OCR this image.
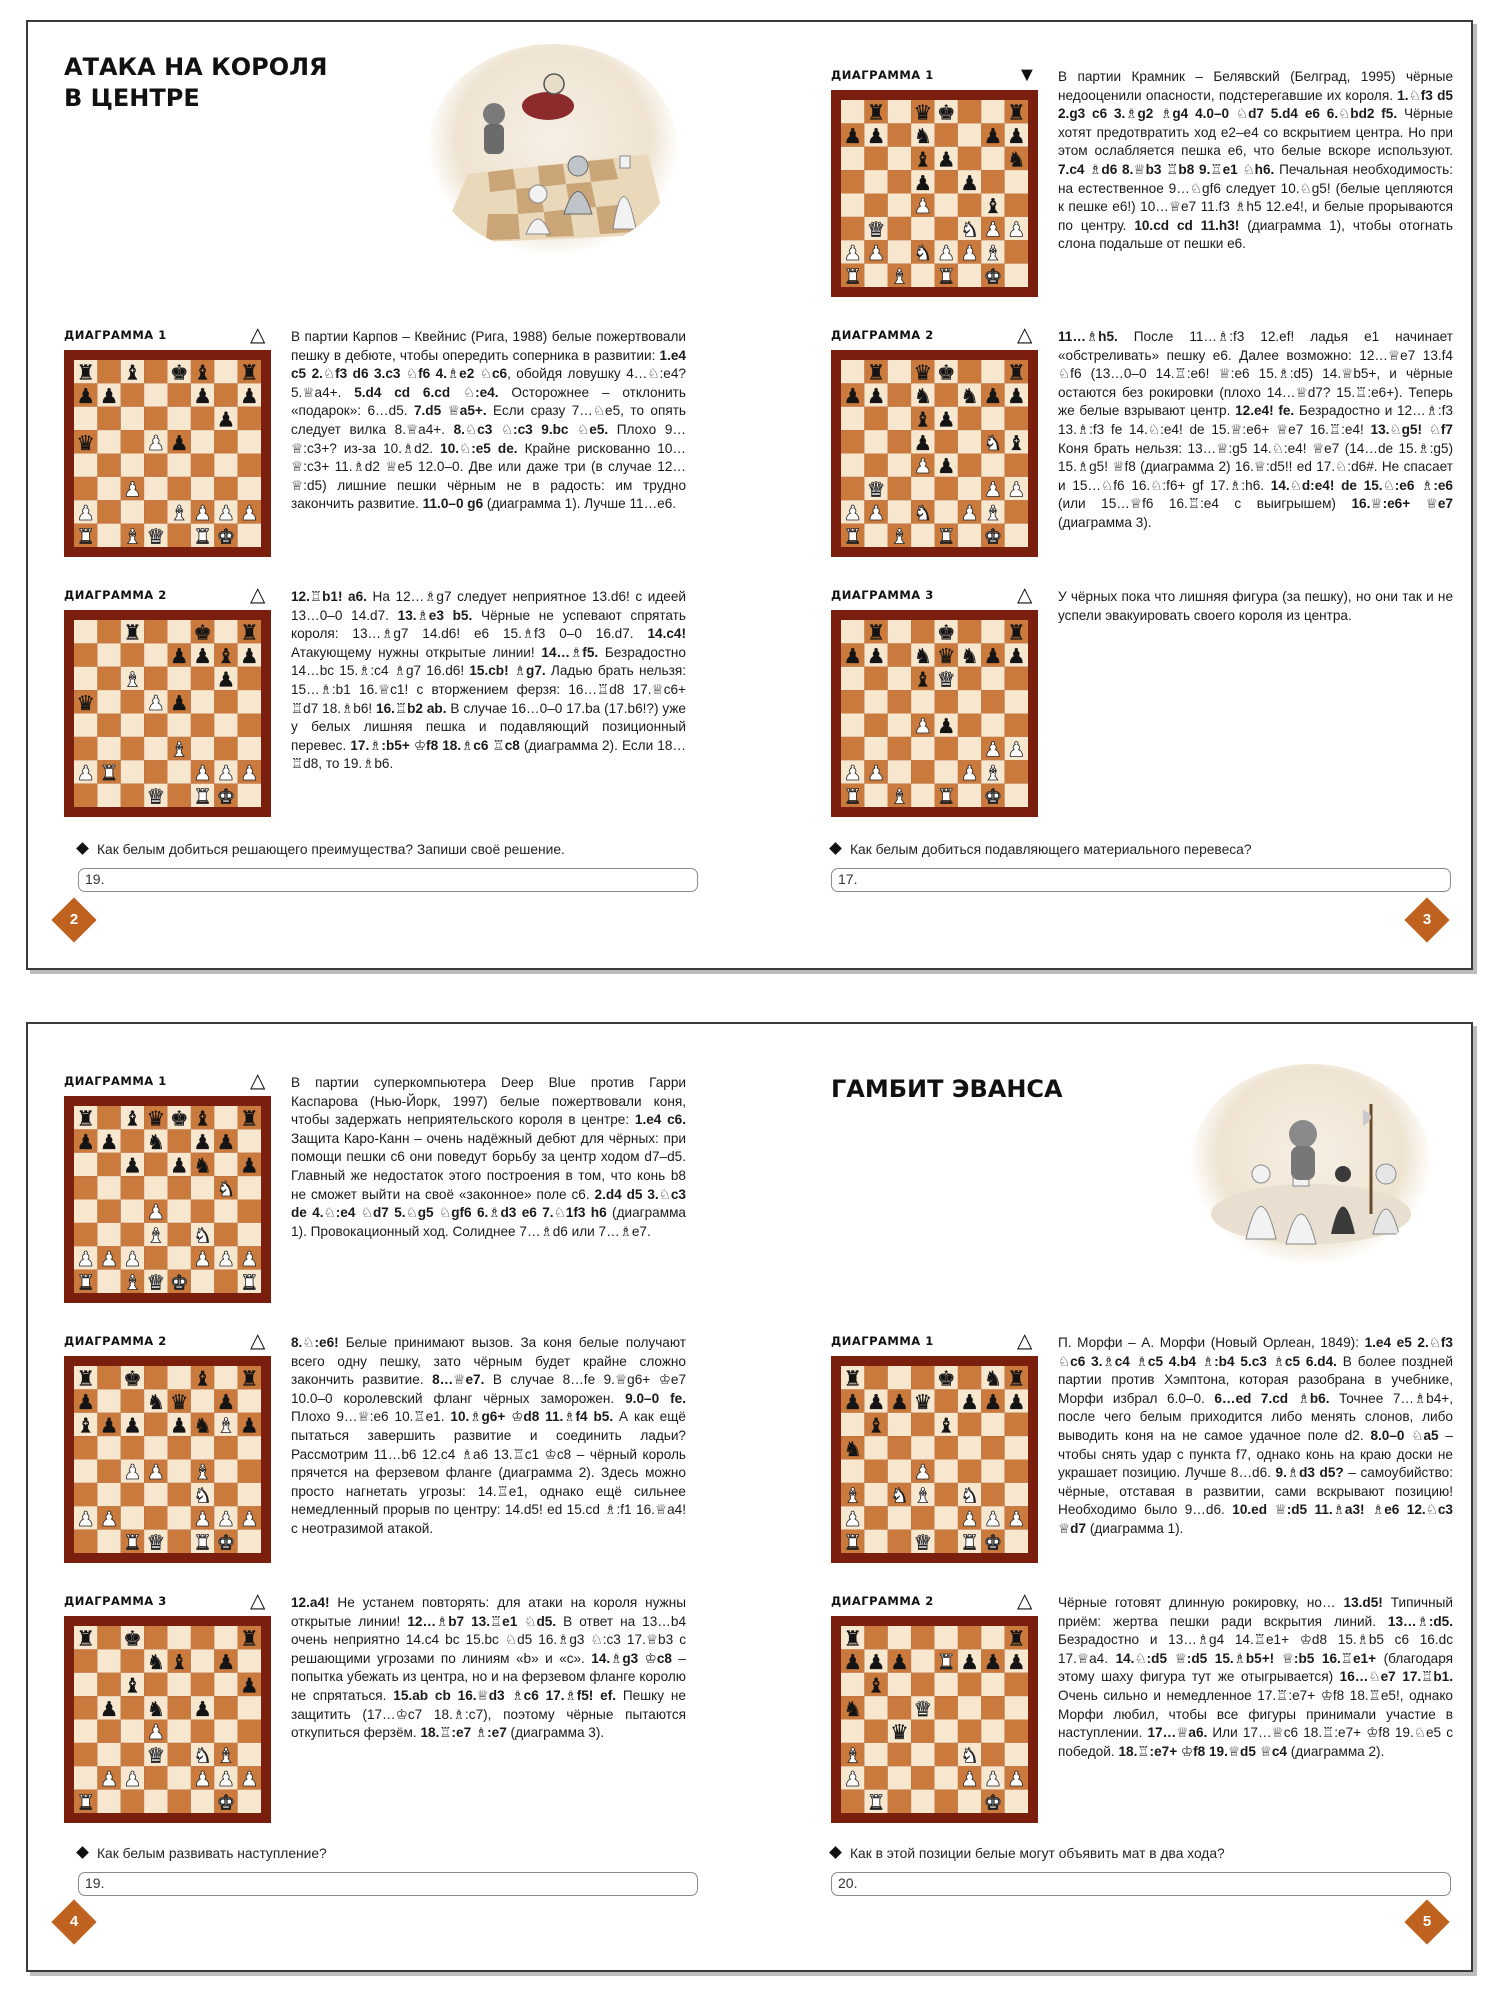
АТАКА НА КОРОЛЯ
В ЦЕНТРЕ
ДИАГРАММА 1	△ В партии Карпов – Квейнис (Рига, 1988) белые пожертвовали пешку в дебюте, чтобы опередить соперника в развитии: 1.e4 c5 2.♘f3 d6 3.c3 ♘f6 4.♗e2 ♘c6, обойдя ловушку 4…♘:e4? 5.♕a4+. 5.d4 cd 6.cd ♘:e4. Осторожнее – отклонить «подарок»: 6…d5. 7.d5 ♕a5+. Если сразу 7…♘e5, то опять следует вилка 8.♕a4+. 8.♘c3 ♘:c3 9.bc ♘e5. Плохо 9…♕:c3+? из-за 10.♗d2. 10.♘:e5 de. Крайне рискованно 10…♕:c3+ 11.♗d2 ♕e5 12.0–0. Две или даже три (в случае 12…♕:d5) лишние пешки чёрным не в радость: им трудно закончить развитие. 11.0–0 g6 (диаграмма 1). Лучше 11…e6.
ДИАГРАММА 2	△ 12.♖b1! a6. На 12…♗g7 следует неприятное 13.d6! с идеей 13…0–0 14.d7. 13.♗e3 b5. Чёрные не успевают спрятать короля: 13…♗g7 14.d6! e6 15.♗f3 0–0 16.d7. 14.c4! Атакующему нужны открытые линии! 14…♗f5. Безрадостно 14…bc 15.♗:c4 ♗g7 16.d6! 15.cb! ♗g7. Ладью брать нельзя: 15…♗:b1 16.♕c1! с вторжением ферзя: 16…♖d8 17.♕c6+ ♖d7 18.♗b6! 16.♖b2 ab. В случае 16…0–0 17.ba (17.b6!?) уже у белых лишняя пешка и подавляющий позиционный перевес. 17.♗:b5+ ♔f8 18.♗c6 ♖c8 (диаграмма 2). Если 18…♖d8, то 19.♗b6.
Как белым добиться решающего преимущества? Запиши своё решение.
19.
2
ДИАГРАММА 1	▼ В партии Крамник – Белявский (Белград, 1995) чёрные недооценили опасности, подстерегавшие их короля. 1.♘f3 d5 2.g3 c6 3.♗g2 ♗g4 4.0–0 ♘d7 5.d4 e6 6.♘bd2 f5. Чёрные хотят предотвратить ход e2–e4 со вскрытием центра. Но при этом ослабляется пешка e6, что белые вскоре используют. 7.c4 ♗d6 8.♕b3 ♖b8 9.♖e1 ♘h6. Печальная необходимость: на естественное 9…♘gf6 следует 10.♘g5! (белые цепляются к пешке e6!) 10…♕e7 11.f3 ♗h5 12.e4!, и белые прорываются по центру. 10.cd cd 11.h3! (диаграмма 1), чтобы отогнать слона подальше от пешки e6.
ДИАГРАММА 2	△ 11…♗h5. После 11…♗:f3 12.ef! ладья e1 начинает «обстреливать» пешку e6. Далее возможно: 12…♕e7 13.f4 ♘f6 (13…0–0 14.♖:e6! ♕:e6 15.♗:d5) 14.♕b5+, и чёрные остаются без рокировки (плохо 14…♕d7? 15.♖:e6+). Теперь же белые взрывают центр. 12.e4! fe. Безрадостно и 12…♗:f3 13.♗:f3 fe 14.♘:e4! de 15.♕:e6+ ♕e7 16.♖:e4! 13.♘g5! ♘f7 Коня брать нельзя: 13…♕:g5 14.♘:e4! ♕e7 (14…de 15.♗:g5) 15.♗g5! ♕f8 (диаграмма 2) 16.♕:d5!! ed 17.♘:d6#. Не спасает и 15…♘f6 16.♘:f6+ gf 17.♗:h6. 14.♘d:e4! de 15.♘:e6 ♗:e6 (или 15…♕f6 16.♖:e4 с выигрышем) 16.♕:e6+ ♕e7 (диаграмма 3).
ДИАГРАММА 3	△ У чёрных пока что лишняя фигура (за пешку), но они так и не успели эвакуировать своего короля из центра.
Как белым добиться подавляющего материального перевеса?
17.
3
ДИАГРАММА 1	△ В партии суперкомпьютера Deep Blue против Гарри Каспарова (Нью-Йорк, 1997) белые пожертвовали коня, чтобы задержать неприятельского короля в центре: 1.e4 c6. Защита Каро-Канн – очень надёжный дебют для чёрных: при помощи пешки c6 они поведут борьбу за центр ходом d7–d5. Главный же недостаток этого построения в том, что конь b8 не сможет выйти на своё «законное» поле c6. 2.d4 d5 3.♘c3 de 4.♘:e4 ♘d7 5.♘g5 ♘gf6 6.♗d3 e6 7.♘1f3 h6 (диаграмма 1). Провокационный ход. Солиднее 7…♗d6 или 7…♗e7.
ДИАГРАММА 2	△ 8.♘:e6! Белые принимают вызов. За коня белые получают всего одну пешку, зато чёрным будет крайне сложно закончить развитие. 8…♕e7. В случае 8…fe 9.♕g6+ ♔e7 10.0–0 королевский фланг чёрных заморожен. 9.0–0 fe. Плохо 9…♕:e6 10.♖e1. 10.♗g6+ ♔d8 11.♗f4 b5. А как ещё пытаться завершить развитие и соединить ладьи? Рассмотрим 11…b6 12.c4 ♗a6 13.♖c1 ♔c8 – чёрный король прячется на ферзевом фланге (диаграмма 2). Здесь можно просто нагнетать угрозы: 14.♖e1, однако ещё сильнее немедленный прорыв по центру: 14.d5! ed 15.cd ♗:f1 16.♕a4! с неотразимой атакой.
ДИАГРАММА 3	△ 12.a4! Не устанем повторять: для атаки на короля нужны открытые линии! 12…♗b7 13.♖e1 ♘d5. В ответ на 13…b4 очень неприятно 14.c4 bc 15.bc ♘d5 16.♗g3 ♘:c3 17.♕b3 с решающими угрозами по линиям «b» и «c». 14.♗g3 ♔c8 – попытка убежать из центра, но и на ферзевом фланге королю не спрятаться. 15.ab cb 16.♕d3 ♗c6 17.♗f5! ef. Пешку не защитить (17…♔c7 18.♗:c7), поэтому чёрные пытаются откупиться ферзём. 18.♖:e7 ♗:e7 (диаграмма 3).
Как белым развивать наступление?
19.
4
ГАМБИТ ЭВАНСА
ДИАГРАММА 1	△ П. Морфи – А. Морфи (Новый Орлеан, 1849): 1.e4 e5 2.♘f3 ♘c6 3.♗c4 ♗c5 4.b4 ♗:b4 5.c3 ♗c5 6.d4. В более поздней партии против Хэмптона, которая разобрана в учебнике, Морфи избрал 6.0–0. 6…ed 7.cd ♗b6. Точнее 7…♗b4+, после чего белым приходится либо менять слонов, либо выводить коня на не самое удачное поле d2. 8.0–0 ♘a5 – чтобы снять удар с пункта f7, однако конь на краю доски не украшает позицию. Лучше 8…d6. 9.♗d3 d5? – самоубийство: чёрные, отставая в развитии, сами вскрывают позицию! Необходимо было 9…d6. 10.ed ♕:d5 11.♗a3! ♗e6 12.♘c3 ♕d7 (диаграмма 1).
ДИАГРАММА 2	△ Чёрные готовят длинную рокировку, но… 13.d5! Типичный приём: жертва пешки ради вскрытия линий. 13…♗:d5. Безрадостно и 13…♗g4 14.♖e1+ ♔d8 15.♗b5 c6 16.dc 17.♕a4. 14.♘:d5 ♕:d5 15.♗b5+! ♕:b5 16.♖e1+ (благодаря этому шаху фигура тут же отыгрывается) 16…♘e7 17.♖b1. Очень сильно и немедленное 17.♖:e7+ ♔f8 18.♖e5!, однако Морфи любил, чтобы все фигуры принимали участие в наступлении. 17…♕a6. Или 17…♕c6 18.♖:e7+ ♔f8 19.♘e5 с победой. 18.♖:e7+ ♔f8 19.♕d5 ♕c4 (диаграмма 2).
Как в этой позиции белые могут объявить мат в два хода?
20.
5
